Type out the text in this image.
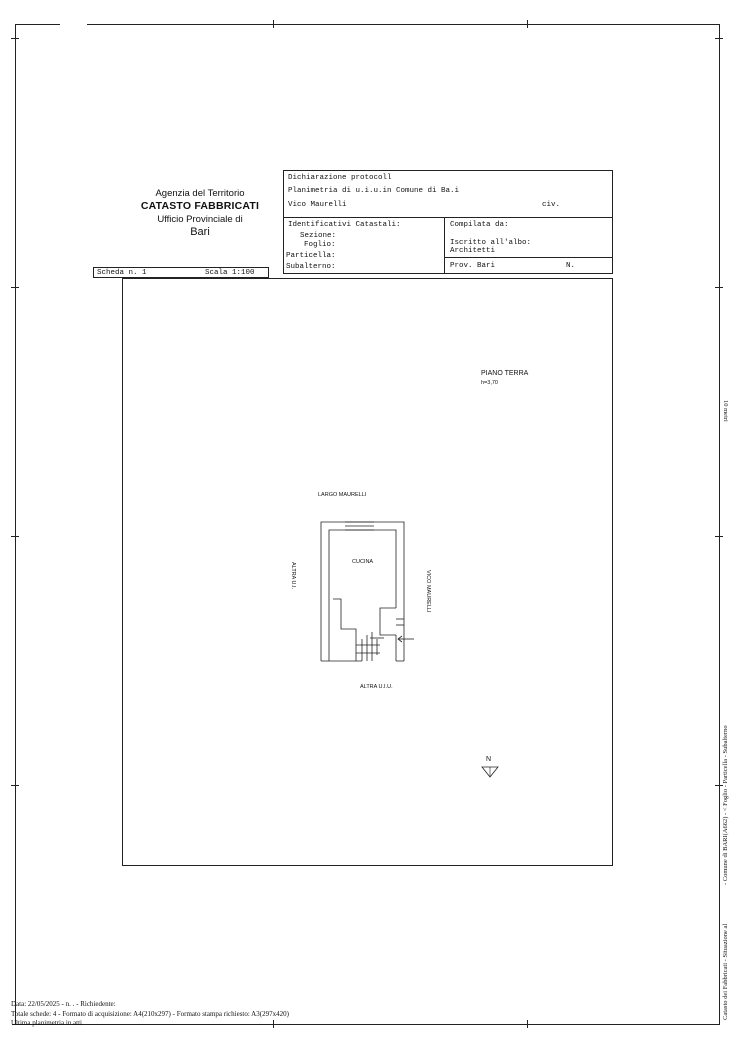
Agenzia del Territorio
CATASTO FABBRICATI
Ufficio Provinciale di
Bari
Dichiarazione protocoll
Planimetria di u.i.u.in Comune di Ba.i
Vico Maurelli	civ.
Identificativi Catastali:
Sezione:
Foglio:
Particella:
Subalterno:
Compilata da:
Iscritto all'albo:
Architetti
Prov. Bari	N.
Scheda n. 1	Scala 1:100
PIANO TERRA
h=3,70
LARGO MAURELLI
ALTRA U.I.U.
ALTRA U.I.	VICO MAURELLI
CUCINA
N
Data: 22/05/2025 - n. . - Richiedente:
Totale schede: 4 - Formato di acquisizione: A4(210x297) - Formato stampa richiesto: A3(297x420)
Ultima planimetria in atti
10 metri
Catasto dei Fabbricati - Situazione al
- Comune di BARI(A662) - < Foglio - Particella - Subalterno
